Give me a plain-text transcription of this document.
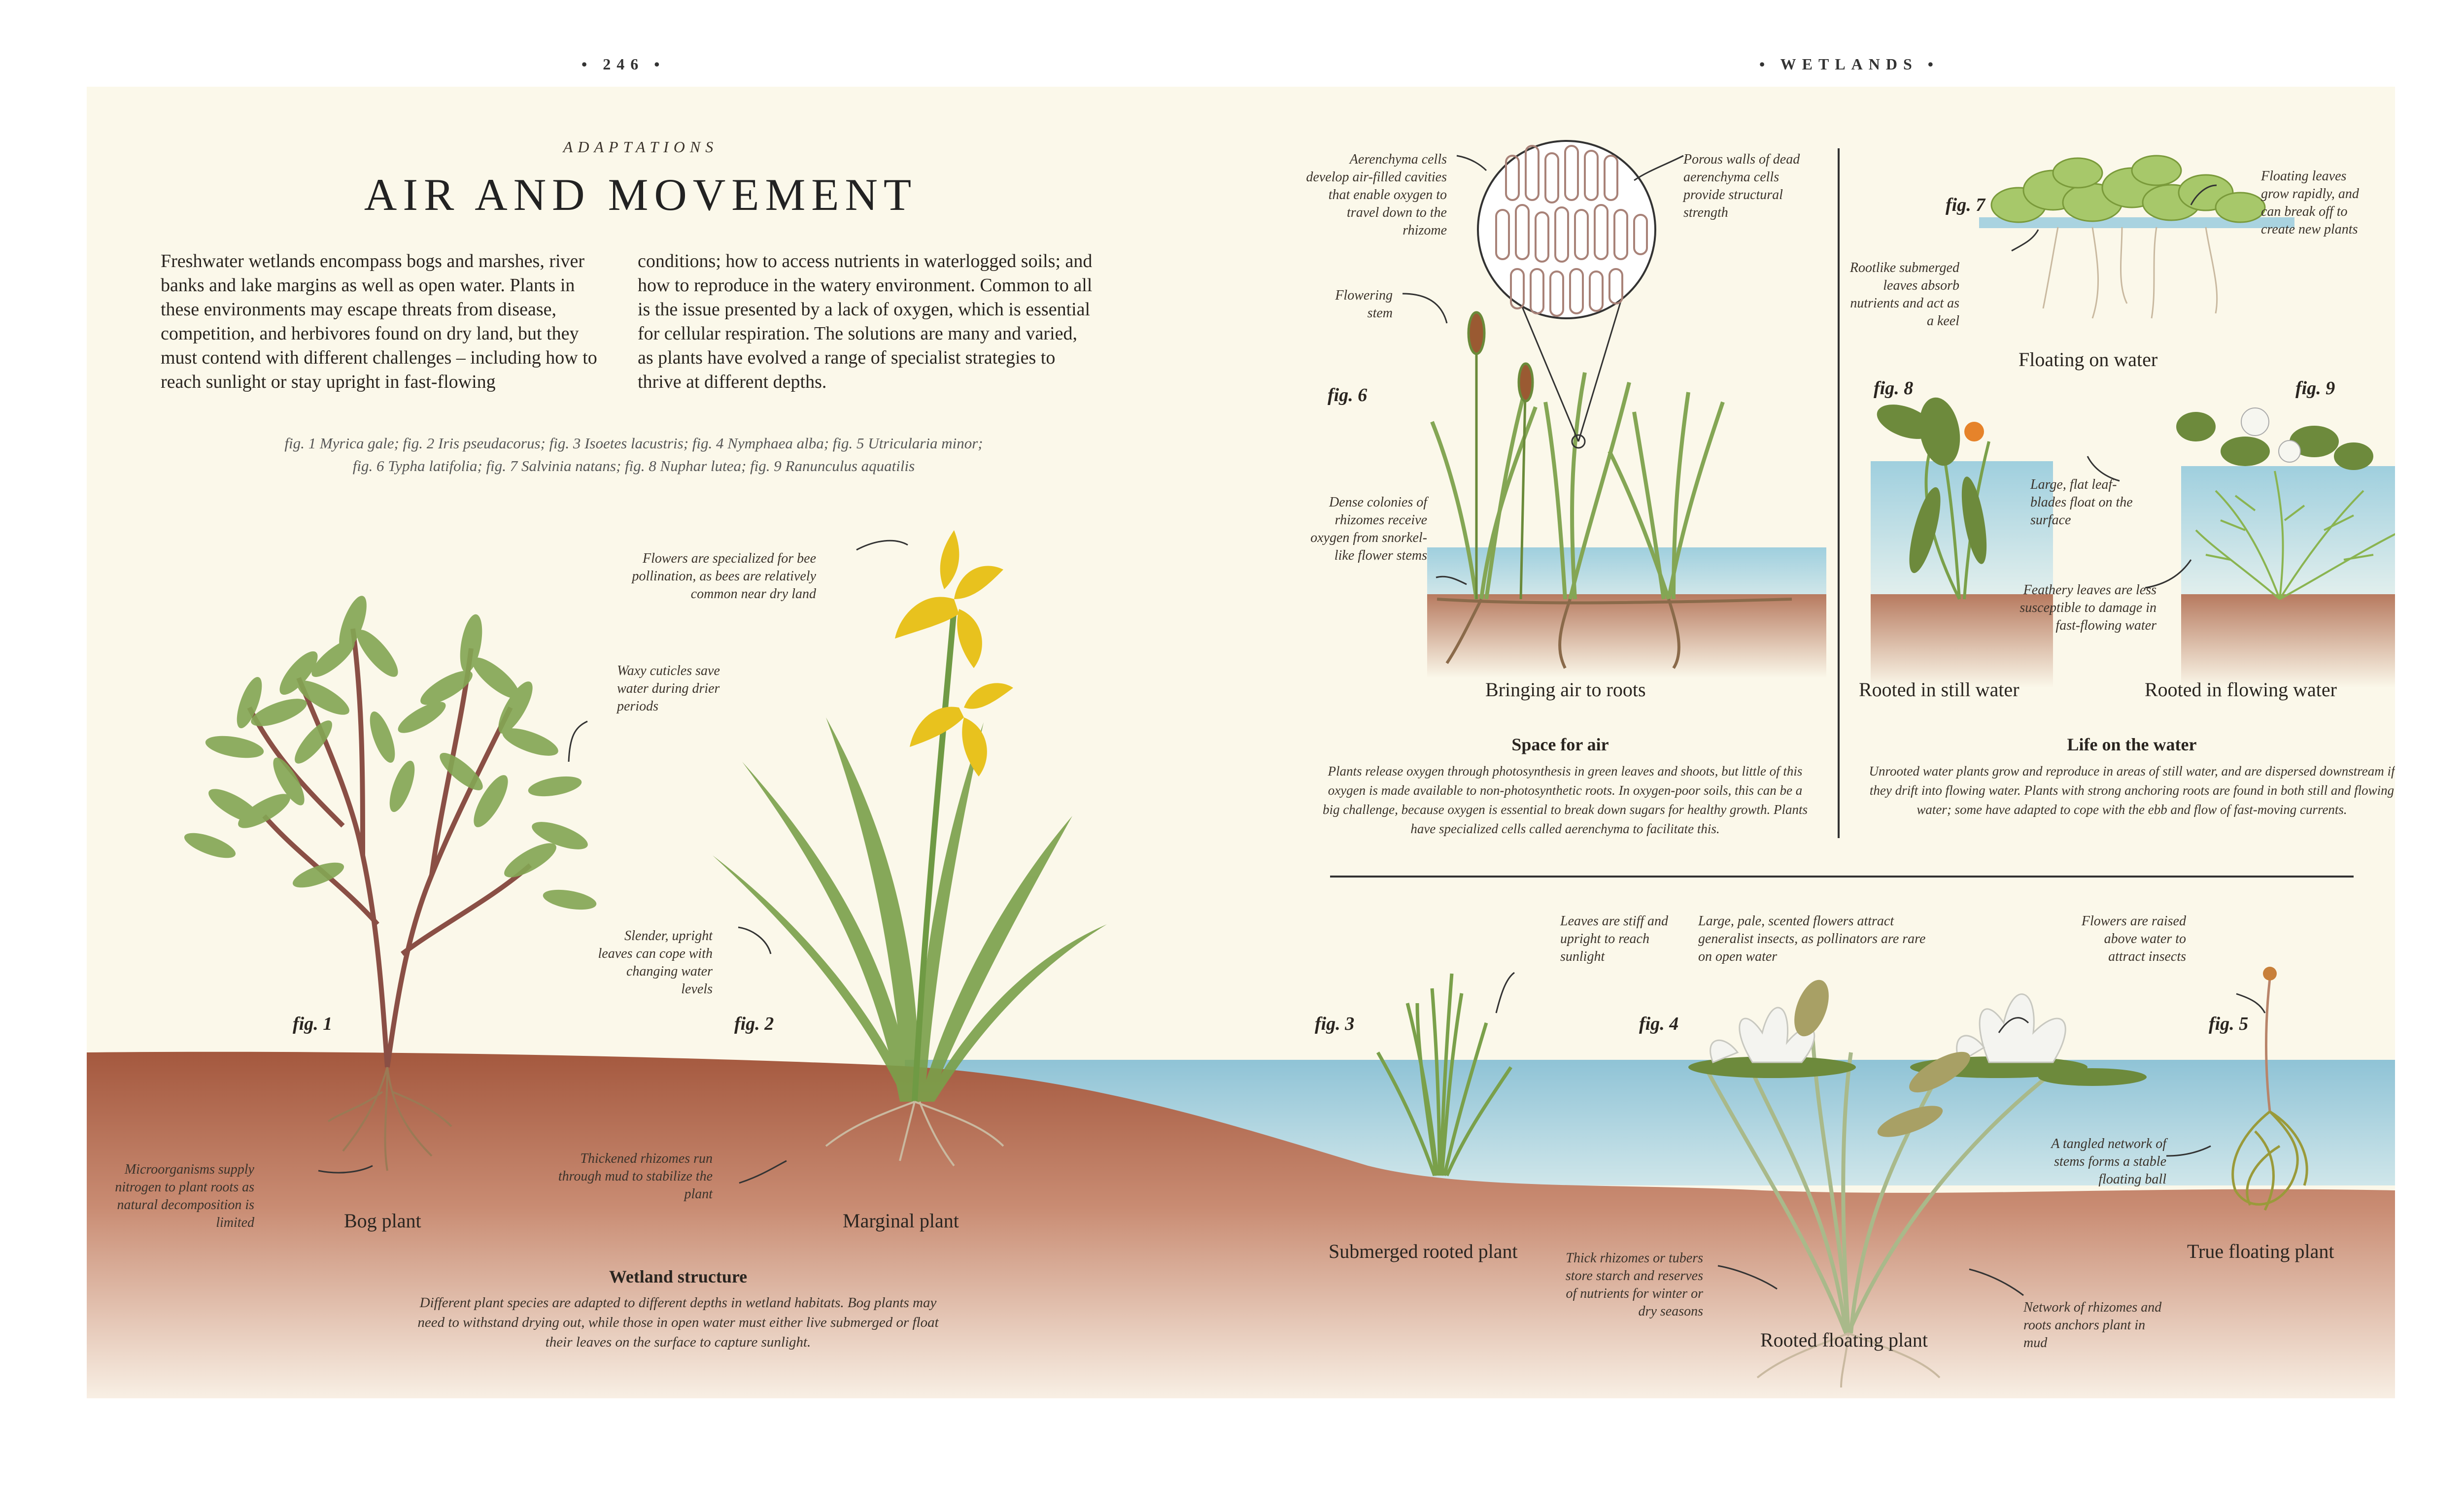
• 246 •	• WETLANDS •
ADAPTATIONS
AIR AND MOVEMENT
Freshwater wetlands encompass bogs and marshes, river banks and lake margins as well as open water. Plants in these environments may escape threats from disease, competition, and herbivores found on dry land, but they must contend with different challenges – including how to reach sunlight or stay upright in fast-flowing
conditions; how to access nutrients in waterlogged soils; and how to reproduce in the watery environment. Common to all is the issue presented by a lack of oxygen, which is essential for cellular respiration. The solutions are many and varied, as plants have evolved a range of specialist strategies to thrive at different depths.
fig. 1 Myrica gale; fig. 2 Iris pseudacorus; fig. 3 Isoetes lacustris; fig. 4 Nymphaea alba; fig. 5 Utricularia minor;
fig. 6 Typha latifolia; fig. 7 Salvinia natans; fig. 8 Nuphar lutea; fig. 9 Ranunculus aquatilis
fig. 1	fig. 2	fig. 3	fig. 4	fig. 5
fig. 6
fig. 7
fig. 8	fig. 9
Bog plant	Marginal plant
Submerged rooted plant
Rooted floating plant
True floating plant
Bringing air to roots
Floating on water
Rooted in still water	Rooted in flowing water
Waxy cuticles save water during drier periods
Microorganisms supply nitrogen to plant roots as natural decomposition is limited
Flowers are specialized for bee pollination, as bees are relatively common near dry land
Slender, upright leaves can cope with changing water levels
Thickened rhizomes run through mud to stabilize the plant
Aerenchyma cells develop air-filled cavities that enable oxygen to travel down to the rhizome
Porous walls of dead aerenchyma cells provide structural strength
Flowering stem
Dense colonies of rhizomes receive oxygen from snorkel-like flower stems
Floating leaves grow rapidly, and can break off to create new plants
Rootlike submerged leaves absorb nutrients and act as a keel
Large, flat leaf-blades float on the surface
Feathery leaves are less susceptible to damage in fast-flowing water
Leaves are stiff and upright to reach sunlight
Large, pale, scented flowers attract generalist insects, as pollinators are rare on open water
Flowers are raised above water to attract insects
A tangled network of stems forms a stable floating ball
Thick rhizomes or tubers store starch and reserves of nutrients for winter or dry seasons	Network of rhizomes and roots anchors plant in mud
Space for air
Plants release oxygen through photosynthesis in green leaves and shoots, but little of this oxygen is made available to non-photosynthetic roots. In oxygen-poor soils, this can be a big challenge, because oxygen is essential to break down sugars for healthy growth. Plants have specialized cells called aerenchyma to facilitate this.
Life on the water
Unrooted water plants grow and reproduce in areas of still water, and are dispersed downstream if they drift into flowing water. Plants with strong anchoring roots are found in both still and flowing water; some have adapted to cope with the ebb and flow of fast-moving currents.
Wetland structure
Different plant species are adapted to different depths in wetland habitats. Bog plants may need to withstand drying out, while those in open water must either live submerged or float their leaves on the surface to capture sunlight.
